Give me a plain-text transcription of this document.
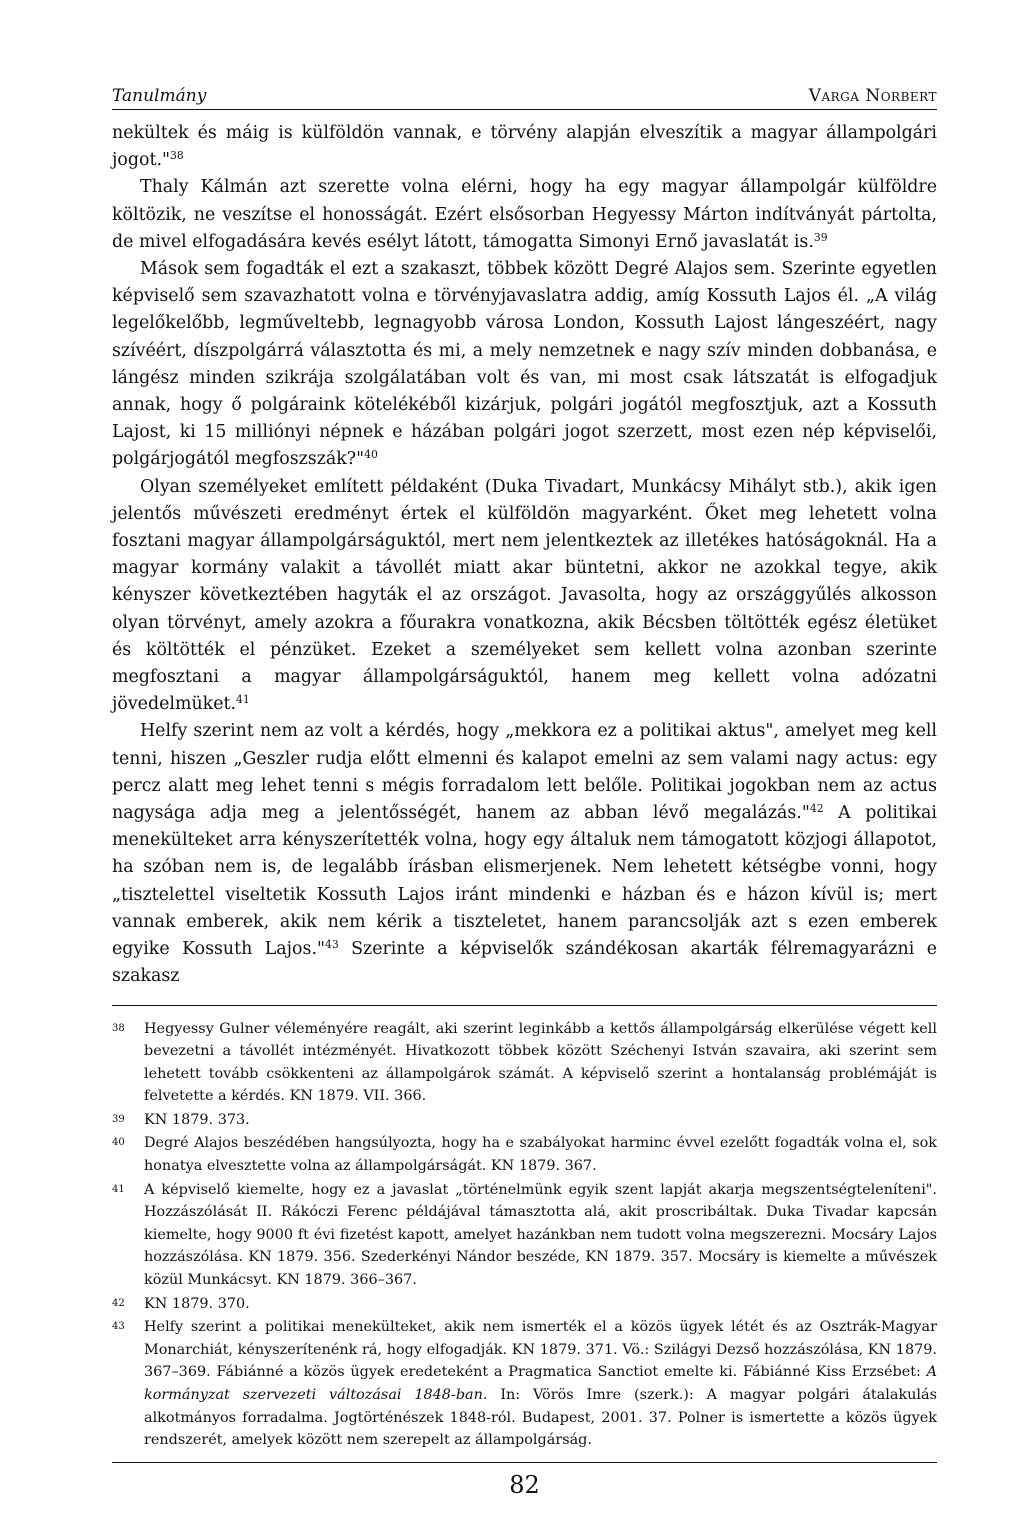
Tanulmány	Varga Norbert

nekültek és máig is külföldön vannak, e törvény alapján elveszítik a magyar állampolgári jogot."$^{38}$

Thaly Kálmán azt szerette volna elérni, hogy ha egy magyar állampolgár külföldre költözik, ne veszítse el honosságát. Ezért elsősorban Hegyessy Márton indítványát pártolta, de mivel elfogadására kevés esélyt látott, támogatta Simonyi Ernő javaslatát is.$^{39}$

Mások sem fogadták el ezt a szakaszt, többek között Degré Alajos sem. Szerinte egyetlen képviselő sem szavazhatott volna e törvényjavaslatra addig, amíg Kossuth Lajos él. „A világ legelőkelőbb, legműveltebb, legnagyobb városa London, Kossuth Lajost lángeszéért, nagy szívéért, díszpolgárrá választotta és mi, a mely nemzetnek e nagy szív minden dobbanása, e lángész minden szikrája szolgálatában volt és van, mi most csak látszatát is elfogadjuk annak, hogy ő polgáraink kötelékéből kizárjuk, polgári jogától megfosztjuk, azt a Kossuth Lajost, ki 15 milliónyi népnek e házában polgári jogot szerzett, most ezen nép képviselői, polgárjogától megfoszszák?"$^{40}$

Olyan személyeket említett példaként (Duka Tivadart, Munkácsy Mihályt stb.), akik igen jelentős művészeti eredményt értek el külföldön magyarként. Őket meg lehetett volna fosztani magyar állampolgárságuktól, mert nem jelentkeztek az illetékes hatóságoknál. Ha a magyar kormány valakit a távollét miatt akar büntetni, akkor ne azokkal tegye, akik kényszer következtében hagyták el az országot. Javasolta, hogy az országgyűlés alkosson olyan törvényt, amely azokra a főurakra vonatkozna, akik Bécsben töltötték egész életüket és költötték el pénzüket. Ezeket a személyeket sem kellett volna azonban szerinte megfosztani a magyar állampolgárságuktól, hanem meg kellett volna adózatni jövedelmüket.$^{41}$

Helfy szerint nem az volt a kérdés, hogy „mekkora ez a politikai aktus", amelyet meg kell tenni, hiszen „Geszler rudja előtt elmenni és kalapot emelni az sem valami nagy actus: egy percz alatt meg lehet tenni s mégis forradalom lett belőle. Politikai jogokban nem az actus nagysága adja meg a jelentősségét, hanem az abban lévő megalázás."$^{42}$ A politikai menekülteket arra kényszerítették volna, hogy egy általuk nem támogatott közjogi állapotot, ha szóban nem is, de legalább írásban elismerjenek. Nem lehetett kétségbe vonni, hogy „tisztelettel viseltetik Kossuth Lajos iránt mindenki e házban és e házon kívül is; mert vannak emberek, akik nem kérik a tiszteletet, hanem parancsolják azt s ezen emberek egyike Kossuth Lajos."$^{43}$ Szerinte a képviselők szándékosan akarták félremagyarázni e szakasz

38	Hegyessy Gulner véleményére reagált, aki szerint leginkább a kettős állampolgárság elkerülése végett kell bevezetni a távollét intézményét. Hivatkozott többek között Széchenyi István szavaira, aki szerint sem lehetett tovább csökkenteni az állampolgárok számát. A képviselő szerint a hontalanság problémáját is felvetette a kérdés. KN 1879. VII. 366.
39	KN 1879. 373.
40	Degré Alajos beszédében hangsúlyozta, hogy ha e szabályokat harminc évvel ezelőtt fogadták volna el, sok honatya elvesztette volna az állampolgárságát. KN 1879. 367.
41	A képviselő kiemelte, hogy ez a javaslat „történelmünk egyik szent lapját akarja megszentségteleníteni". Hozzászólását II. Rákóczi Ferenc példájával támasztotta alá, akit proscribáltak. Duka Tivadar kapcsán kiemelte, hogy 9000 ft évi fizetést kapott, amelyet hazánkban nem tudott volna megszerezni. Mocsáry Lajos hozzászólása. KN 1879. 356. Szederkényi Nándor beszéde, KN 1879. 357. Mocsáry is kiemelte a művészek közül Munkácsyt. KN 1879. 366–367.
42	KN 1879. 370.
43	Helfy szerint a politikai menekülteket, akik nem ismerték el a közös ügyek létét és az Osztrák-Magyar Monarchiát, kényszerítenénk rá, hogy elfogadják. KN 1879. 371. Vö.: Szilágyi Dezső hozzászólása, KN 1879. 367–369. Fábiánné a közös ügyek eredeteként a Pragmatica Sanctiot emelte ki. Fábiánné Kiss Erzsébet: A kormányzat szervezeti változásai 1848-ban. In: Vörös Imre (szerk.): A magyar polgári átalakulás alkotmányos forradalma. Jogtörténészek 1848-ról. Budapest, 2001. 37. Polner is ismertette a közös ügyek rendszerét, amelyek között nem szerepelt az állampolgárság.
82
